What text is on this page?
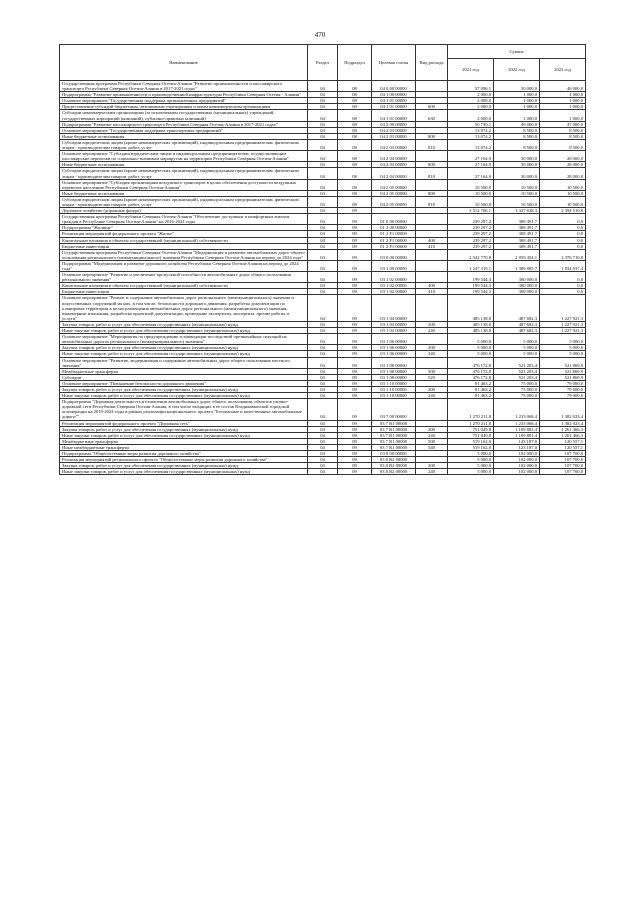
470
Наименование	Раздел	Подраздел	Целевая статья	Вид расхода	Суммы		
					2021 год	2022 год	2023 год
Государственная программа Республики Северная Осетия-Алания "Развитие промышленности и пассажирского транспорта Республики Северная Осетия-Алания в 2017-2021 годах"	04	08	04 0 00 00000		57 096,1	50 000,0	46 000,0
Подпрограмма "Развитие промышленности и производственной инфраструктуры Республики Северная Осетия - Алания"	04	08	04 1 00 00000		2 000,0	1 000,0	1 000,0
Основное мероприятие "Государственная поддержка промышленных предприятий"	04	08	04 1 01 00000		2 000,0	1 000,0	1 000,0
Предоставление субсидий бюджетным, автономным учреждениям и иным некоммерческим организациям	04	08	04 1 01 00000	600	2 000,0	1 000,0	1 000,0
Субсидии некоммерческим организациям (за исключением государственных (муниципальных) учреждений, государственных корпораций (компаний), публично-правовых компаний)	04	08	04 1 01 00000	630	2 000,0	1 000,0	1 000,0
Подпрограмма "Развитие пассажирского транспорта Республики Северная Осетия-Алания в 2017-2021 годах"	04	08	04 2 00 00000		50 739,1	49 000,0	47 000,0
Основное мероприятие "Государственная поддержка транспортных предприятий"	04	08	04 2 03 00000		13 074,2	8 500,0	8 500,0
Иные бюджетные ассигнования	04	08	04 2 03 00000	800	13 074,2	8 500,0	8 500,0
Субсидии юридическим лицам (кроме некоммерческих организаций), индивидуальным предпринимателям, физическим лицам - производителям товаров, работ, услуг	04	08	04 2 03 00000	810	13 074,2	8 500,0	8 500,0
Основное мероприятие "Субсидии юридическим лицам и индивидуальным предпринимателям, осуществляющим пассажирские перевозки по социально-значимым маршрутам на территории Республики Северная Осетия-Алания"	04	08	04 2 04 00000		27 164,9	30 000,0	28 000,0
Иные бюджетные ассигнования	04	08	04 2 04 00000	800	27 164,9	30 000,0	28 000,0
Субсидии юридическим лицам (кроме некоммерческих организаций), индивидуальным предпринимателям, физическим лицам - производителям товаров, работ, услуг	04	08	04 2 04 00000	810	27 164,9	30 000,0	28 000,0
Основное мероприятие "Субсидия организациям воздушного транспорта в целях обеспечения доступности воздушных перевозок населению Республики Северная Осетия-Алания"	04	08	04 2 05 00000		10 500,0	10 500,0	10 500,0
Иные бюджетные ассигнования	04	08	04 2 05 00000	800	10 500,0	10 500,0	10 500,0
Субсидии юридическим лицам (кроме некоммерческих организаций), индивидуальным предпринимателям, физическим лицам - производителям товаров, работ, услуг	04	08	04 2 05 00000	810	10 500,0	10 500,0	10 500,0
Дорожное хозяйство (дорожные фонды)	04	09			3 512 706,1	3 337 638,3	2 394 510,8
Государственная программа Республики Северная Осетия-Алания "Обеспечение доступным и комфортным жильем граждан в Республике Северная Осетия-Алания" на 2016-2024 годы	04	09	01 0 00 00000		239 297,2	308 491,7	0,0
Подпрограмма "Жилище"	04	09	01 2 00 00000		239 297,2	308 491,7	0,0
Реализация мероприятий федерального проекта "Жилье"	04	09	01 2 F1 00000		239 297,2	308 491,7	0,0
Капитальные вложения в объекты государственной (муниципальной) собственности	04	09	01 2 F1 00000	400	239 297,2	308 491,7	0,0
Бюджетные инвестиции	04	09	01 2 F1 00000	410	239 297,2	308 491,7	0,0
Государственная программа Республики Северная Осетия-Алания "Модернизация и развитие автомобильных дорог общего пользования регионального (межмуниципального) значения Республики Северная Осетия-Алания на период до 2024 года"	04	09	03 0 00 00000		2 542 770,8	2 059 454,1	2 376 710,8
Подпрограмма "Модернизация и развитие дорожного хозяйства Республики Северная Осетия-Алания на период до 2024 года"	04	09	03 1 00 00000		1 247 319,1	1 389 885,7	1 834 937,4
Основное мероприятие "Развитие и увеличение пропускной способности автомобильных дорог общего пользования регионального значения"	04	09	03 1 02 00000		199 544,3	300 000,0	0,0
Капитальные вложения в объекты государственной (муниципальной) собственности	04	09	03 1 02 00000	400	199 544,3	300 000,0	0,0
Бюджетные инвестиции	04	09	03 1 02 00000	410	199 544,3	300 000,0	0,0
Основное мероприятие "Ремонт и содержание автомобильных дорог регионального (межмуниципального) значения и искусственных сооружений на них, в том числе, безопасности дорожного движения, разработка документации по планировке территории в целях размещения автомобильных дорог регионального (межмуниципального) значения, инженерные изыскания, разработка проектной документации, проведение экспертизы, экспертиза, прочие работы и услуги"	04	09	03 1 04 00000		485 138,8	487 682,3	1 227 921,3
Закупка товаров, работ и услуг для обеспечения государственных (муниципальных) нужд	04	09	03 1 04 00000	200	485 138,8	487 682,3	1 227 921,3
Иные закупки товаров, работ и услуг для обеспечения государственных (муниципальных) нужд	04	09	03 1 04 00000	240	485 138,8	487 682,3	1 227 921,3
Основное мероприятие "Мероприятия по предупреждению и ликвидации последствий чрезвычайных ситуаций на автомобильных дорогах регионального (межмуниципального) значения"	04	09	03 1 06 00000		5 000,0	5 000,0	5 000,0
Закупка товаров, работ и услуг для обеспечения государственных (муниципальных) нужд	04	09	03 1 06 00000	200	5 000,0	5 000,0	5 000,0
Иные закупки товаров, работ и услуг для обеспечения государственных (муниципальных) нужд	04	09	03 1 06 00000	240	5 000,0	5 000,0	5 000,0
Основное мероприятие "Развитие, модернизация и содержание автомобильных дорог общего пользования местного значения"	04	09	03 1 08 00000		476 172,8	521 203,4	521 869,9
Межбюджетные трансферты	04	09	03 1 08 00000	500	476 172,8	521 203,4	521 869,9
Субсидии	04	09	03 1 08 00000	520	476 172,8	521 203,4	521 869,9
Основное мероприятие "Повышение безопасности дорожного движения"	04	09	03 1 10 00000		81 463,2	75 000,0	79 000,0
Закупка товаров, работ и услуг для обеспечения государственных (муниципальных) нужд	04	09	03 1 10 00000	200	81 463,2	75 000,0	79 000,0
Иные закупки товаров, работ и услуг для обеспечения государственных (муниципальных) нужд	04	09	03 1 10 00000	240	81 463,2	75 000,0	79 000,0
Подпрограмма "Дорожная деятельность в отношении автомобильных дорог общего пользования, объектов улично-дорожной сети Республики Северная Осетия-Алания, в том числе входящих в её состав Владикавказской городской агломерации на 2019-2024 годы в рамках реализации национального проекта "Безопасные и качественные автомобильные дороги""	04	09	03 7 00 00000		1 270 211,8	1 233 068,4	1 382 023,4
Реализация мероприятий федерального проекта "Дорожная сеть"	04	09	03 7 R1 00000		1 270 211,8	1 233 068,4	1 382 023,4
Закупка товаров, работ и услуг для обеспечения государственных (муниципальных) нужд	04	09	03 7 R1 00000	200	751 049,8	1 109 881,4	1 261 466,3
Иные закупки товаров, работ и услуг для обеспечения государственных (муниципальных) нужд	04	09	03 7 R1 00000	240	751 049,8	1 109 881,4	1 261 466,3
Межбюджетные трансферты	04	09	03 7 R1 00000	500	519 162,0	123 187,0	120 557,1
Иные межбюджетные трансферты	04	09	03 7 R1 00000	540	519 162,0	123 187,0	120 557,1
Подпрограмма "Общесистемные меры развития дорожного хозяйства"	04	09	03 8 00 00000		5 000,0	102 000,0	107 700,0
Реализация мероприятий регионального проекта "Общесистемные меры развития дорожного хозяйства"	04	09	03 8 R2 00000		5 000,0	102 000,0	107 700,0
Закупка товаров, работ и услуг для обеспечения государственных (муниципальных) нужд	04	09	03 8 R2 00000	200	5 000,0	102 000,0	107 700,0
Иные закупки товаров, работ и услуг для обеспечения государственных (муниципальных) нужд	04	09	03 8 R2 00000	240	5 000,0	102 000,0	107 700,0
